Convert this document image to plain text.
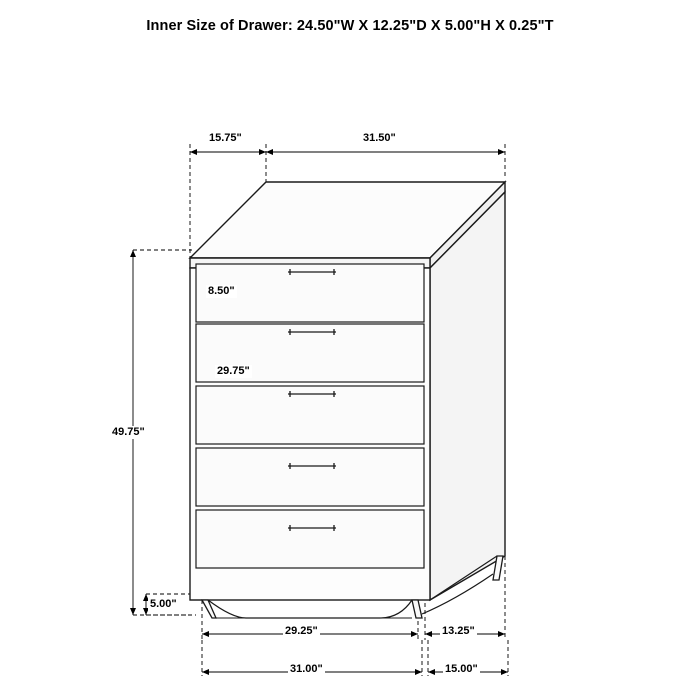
Inner Size of Drawer: 24.50"W X 12.25"D X 5.00"H X 0.25"T
15.75"	31.50"
8.50"
29.75"
49.75"
5.00"
29.25"	13.25"
31.00"	15.00"
